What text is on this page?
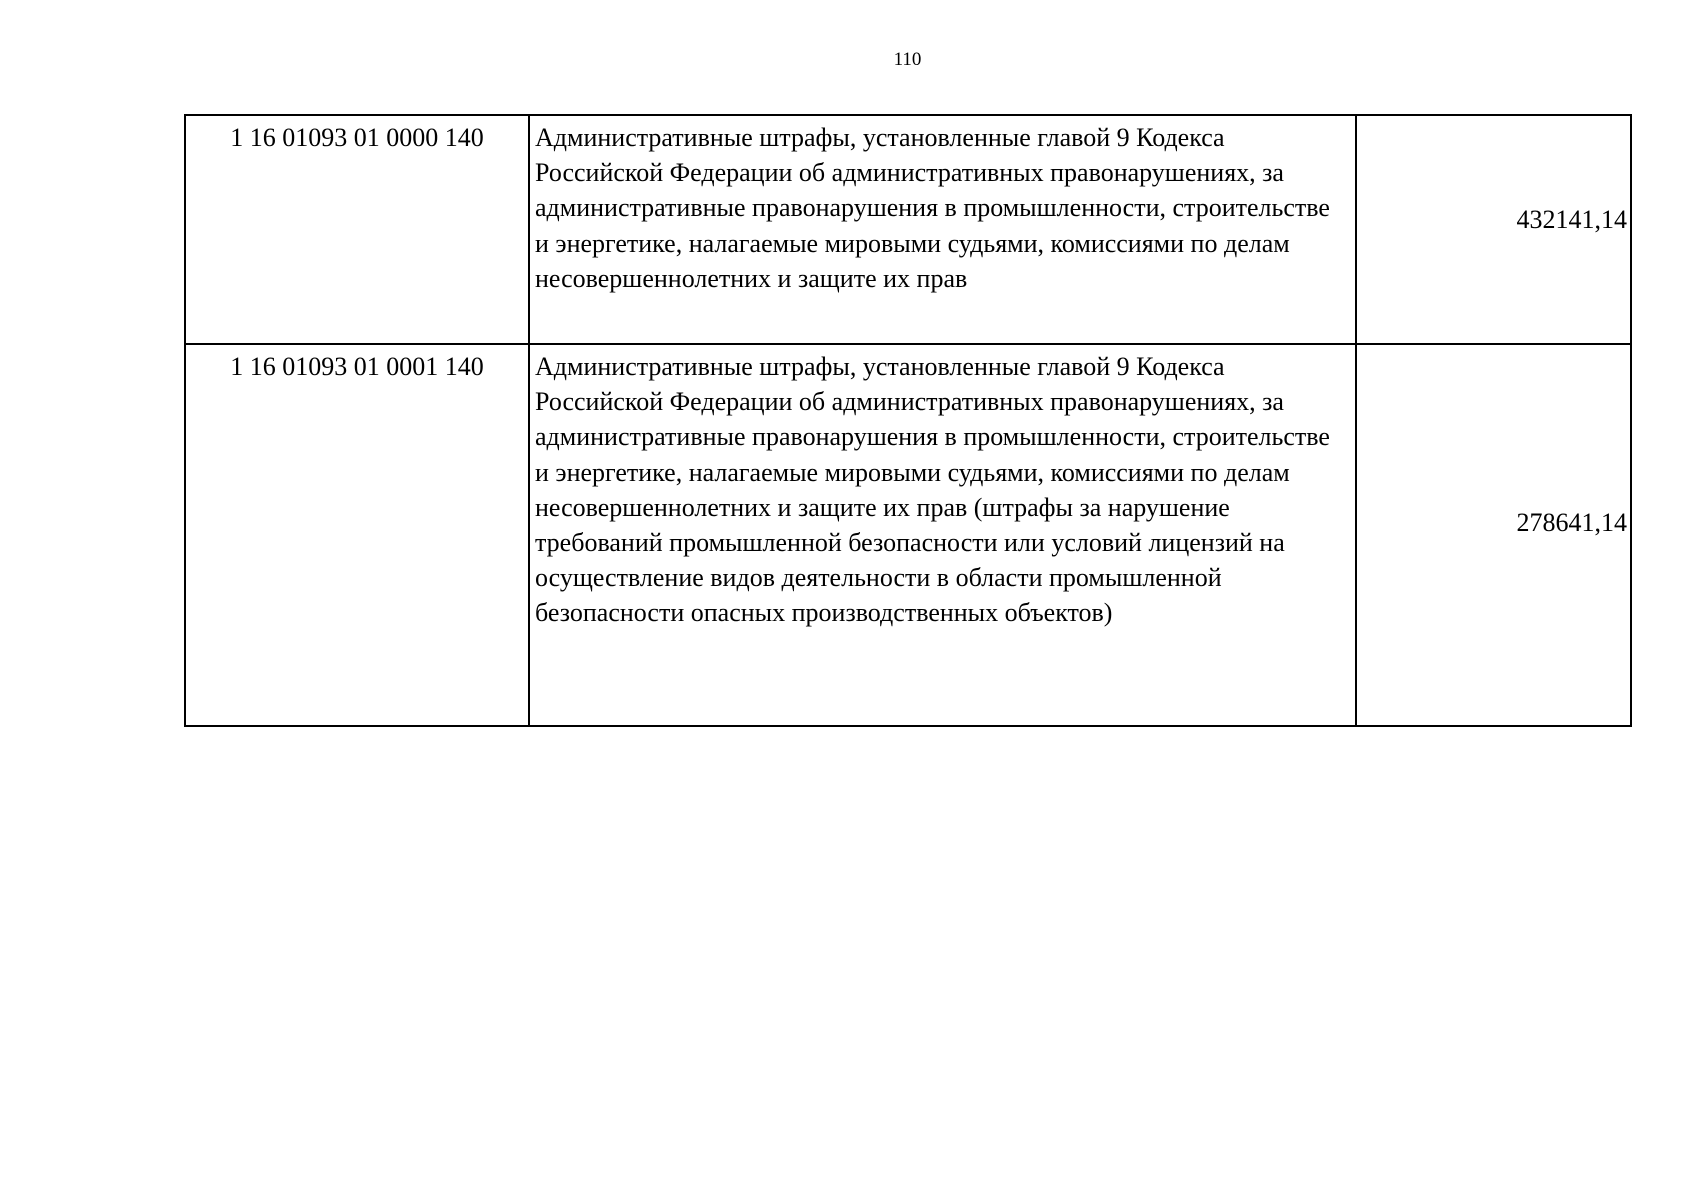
110
1 16 01093 01 0000 140	Административные штрафы, установленные главой 9 Кодекса Российской Федерации об административных правонарушениях, за административные правонарушения в промышленности, строительстве и энергетике, налагаемые мировыми судьями, комиссиями по делам несовершеннолетних и защите их прав	432141,14
1 16 01093 01 0001 140	Административные штрафы, установленные главой 9 Кодекса Российской Федерации об административных правонарушениях, за административные правонарушения в промышленности, строительстве и энергетике, налагаемые мировыми судьями, комиссиями по делам несовершеннолетних и защите их прав (штрафы за нарушение требований промышленной безопасности или условий лицензий на осуществление видов деятельности в области промышленной безопасности опасных производственных объектов)	278641,14
